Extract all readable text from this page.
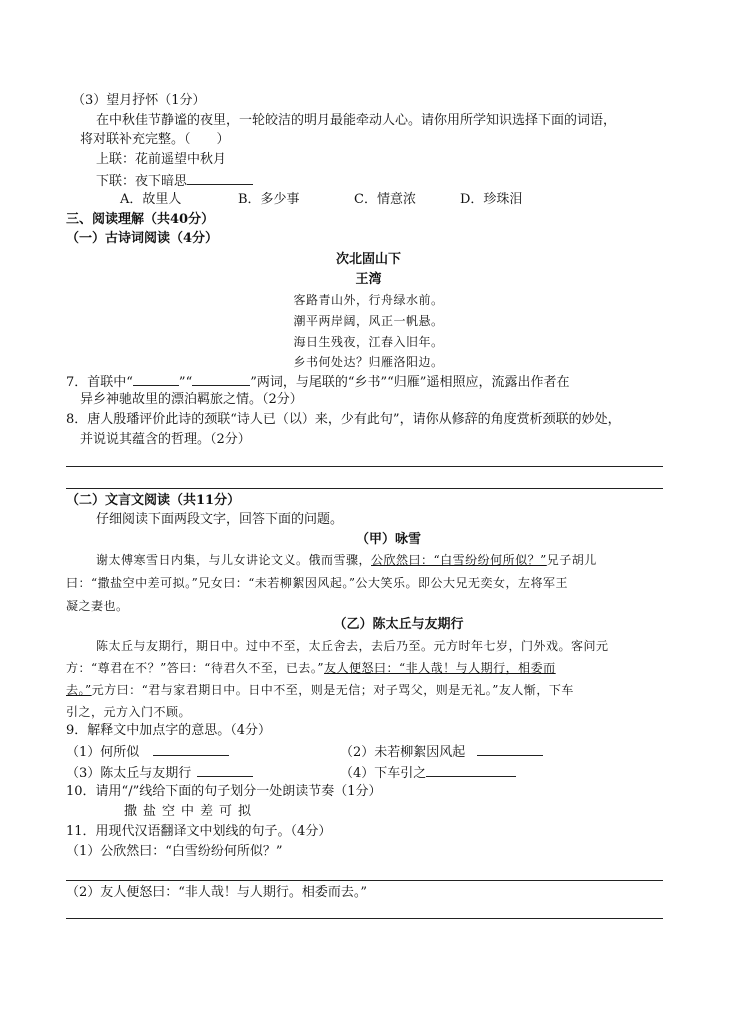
（3）望月抒怀（1分）
在中秋佳节静谧的夜里，一轮皎洁的明月最能牵动人心。请你用所学知识选择下面的词语，
将对联补充完整。（　　）
上联：花前遥望中秋月
下联：夜下暗思
A．故里人	B．多少事	C．情意浓	D．珍珠泪
三、阅读理解（共40分）
（一）古诗词阅读（4分）
次北固山下
王湾
客路青山外，行舟绿水前。
潮平两岸阔，风正一帆悬。
海日生残夜，江春入旧年。
乡书何处达？归雁洛阳边。
7．首联中“	”“	”两词，与尾联的“乡书”“归雁”遥相照应，流露出作者在
异乡神驰故里的漂泊羁旅之情。（2分）
8．唐人殷璠评价此诗的颈联“诗人已（以）来，少有此句”，请你从修辞的角度赏析颈联的妙处，
并说说其蕴含的哲理。（2分）
（二）文言文阅读（共11分）
仔细阅读下面两段文字，回答下面的问题。
（甲）咏雪
谢太傅寒雪日内集，与儿女讲论文义。俄而雪骤，公欣然曰：“白雪纷纷何所似？”兄子胡儿
曰：“撒盐空中差可拟。”兄女曰：“未若柳絮因风起。”公大笑乐。即公大兄无奕女，左将军王
凝之妻也。
（乙）陈太丘与友期行
陈太丘与友期行，期日中。过中不至，太丘舍去，去后乃至。元方时年七岁，门外戏。客问元
方：“尊君在不？”答曰：“待君久不至，已去。”友人便怒曰：“非人哉！与人期行，相委而
去。”元方曰：“君与家君期日中。日中不至，则是无信；对子骂父，则是无礼。”友人惭，下车
引之，元方入门不顾。
9．解释文中加点字的意思。（4分）
（1）何所似	（2）未若柳絮因风起
（3）陈太丘与友期行	（4）下车引之
10．请用“/”线给下面的句子划分一处朗读节奏（1分）
撒盐空中差可拟
11．用现代汉语翻译文中划线的句子。（4分）
（1）公欣然曰：“白雪纷纷何所似？”
（2）友人便怒曰：“非人哉！与人期行。相委而去。”
